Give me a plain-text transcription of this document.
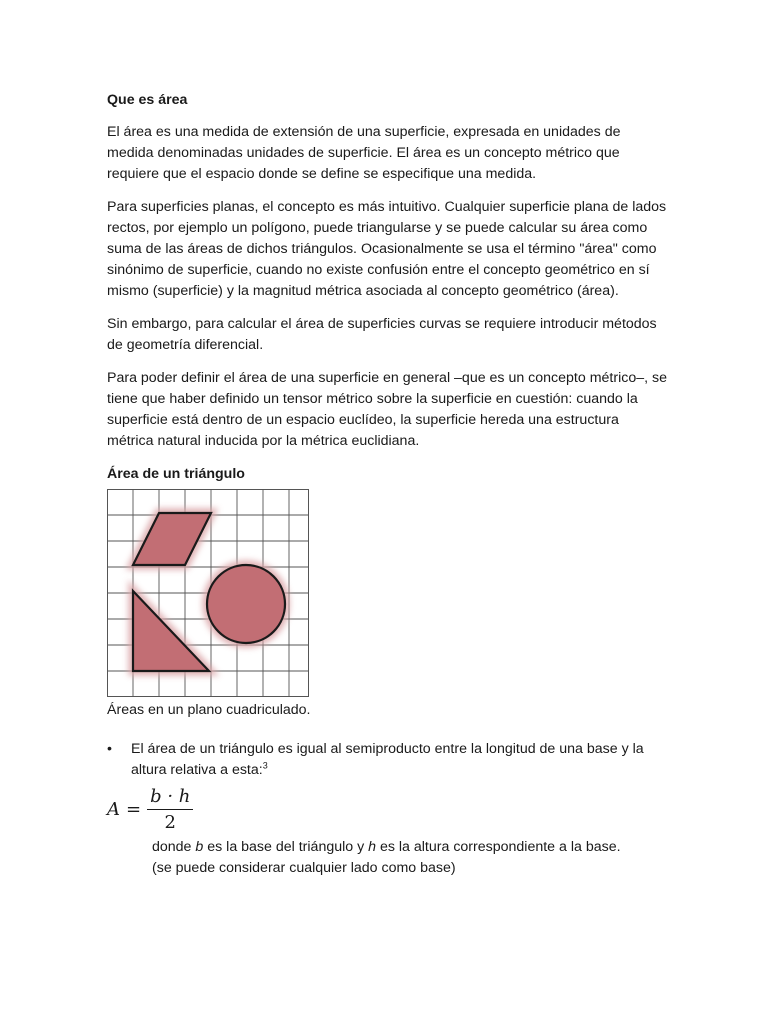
Que es área

El área es una medida de extensión de una superficie, expresada en unidades de medida denominadas unidades de superficie. El área es un concepto métrico que requiere que el espacio donde se define se especifique una medida.

Para superficies planas, el concepto es más intuitivo. Cualquier superficie plana de lados rectos, por ejemplo un polígono, puede triangularse y se puede calcular su área como suma de las áreas de dichos triángulos. Ocasionalmente se usa el término "área" como sinónimo de superficie, cuando no existe confusión entre el concepto geométrico en sí mismo (superficie) y la magnitud métrica asociada al concepto geométrico (área).

Sin embargo, para calcular el área de superficies curvas se requiere introducir métodos de geometría diferencial.

Para poder definir el área de una superficie en general –que es un concepto métrico–, se tiene que haber definido un tensor métrico sobre la superficie en cuestión: cuando la superficie está dentro de un espacio euclídeo, la superficie hereda una estructura métrica natural inducida por la métrica euclidiana.

Área de un triángulo

Áreas en un plano cuadriculado.

• El área de un triángulo es igual al semiproducto entre la longitud de una base y la altura relativa a esta:$^3$
$A = \frac{b \cdot h}{2}$
donde b es la base del triángulo y h es la altura correspondiente a la base.
(se puede considerar cualquier lado como base)
